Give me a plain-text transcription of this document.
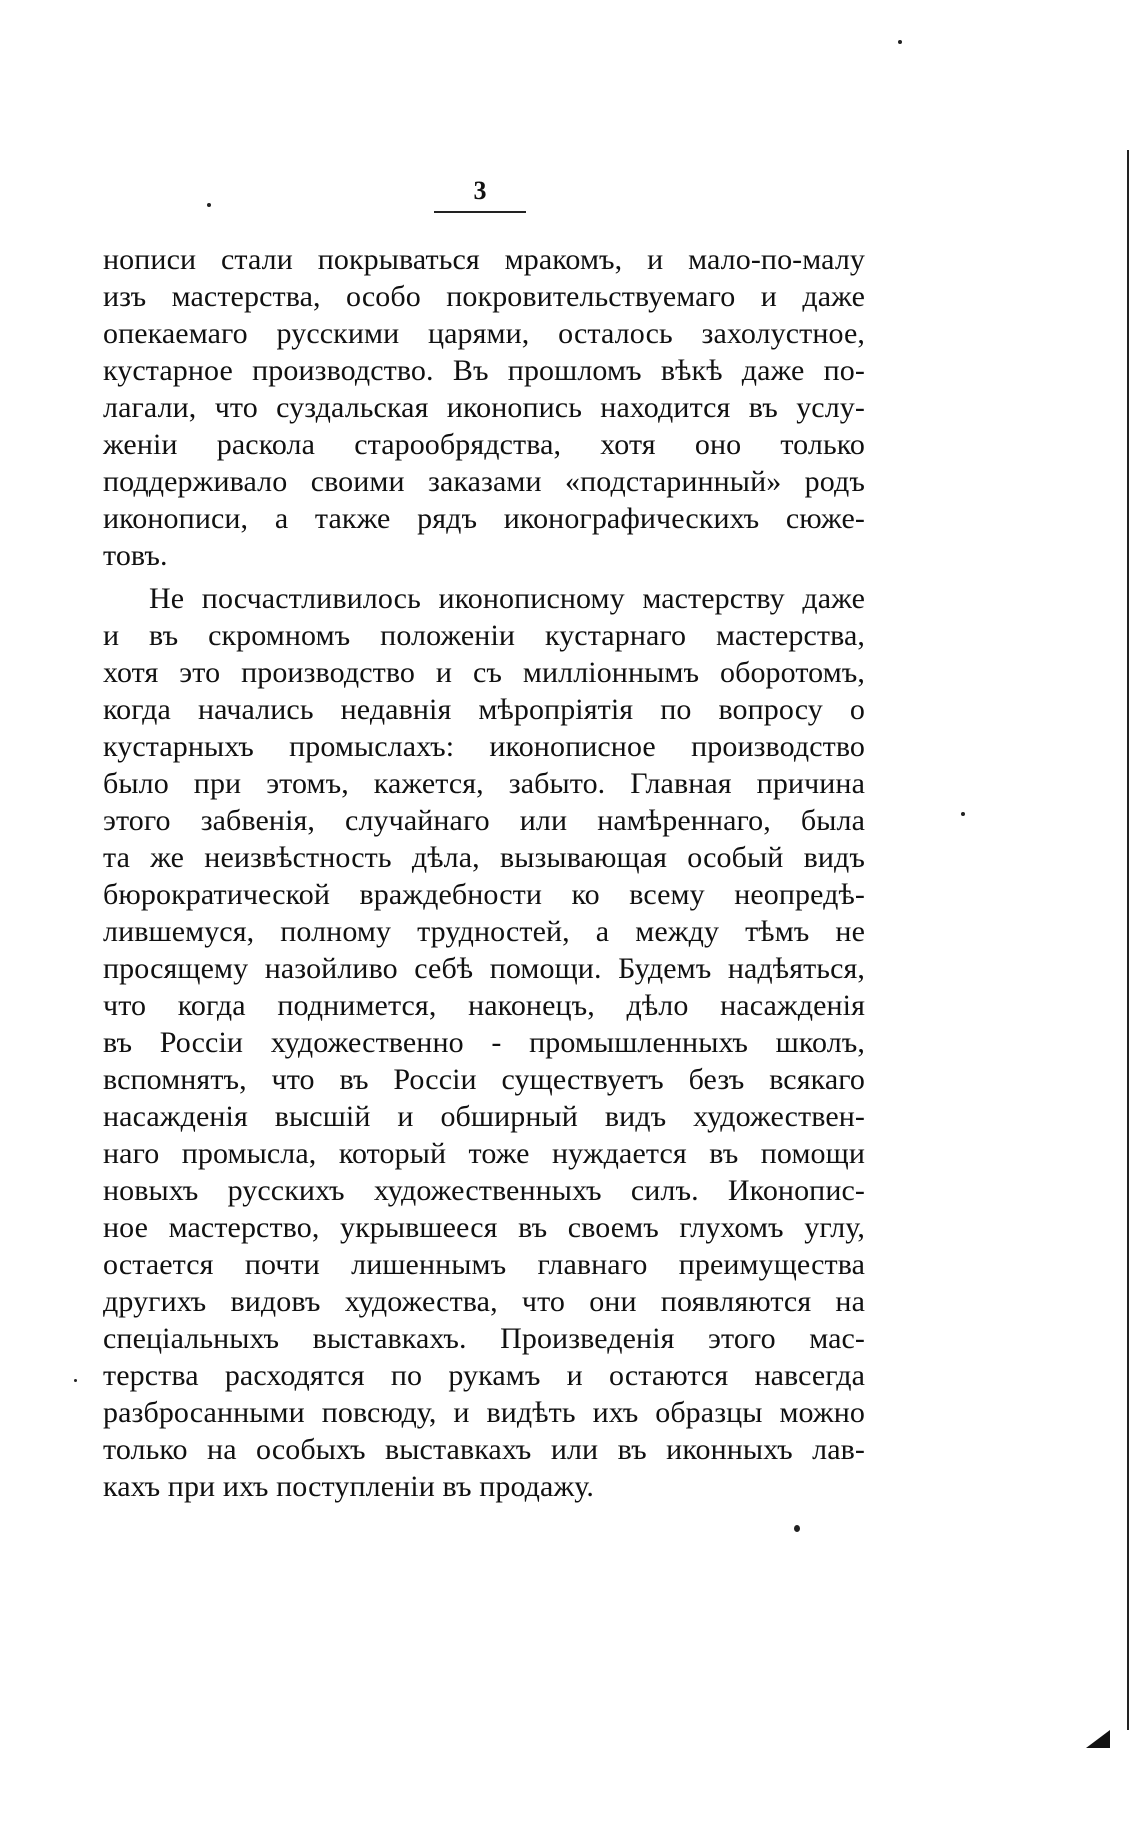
3
нописи стали покрываться мракомъ, и мало-по-малу
изъ мастерства, особо покровительствуемаго и даже
опекаемаго русскими царями, осталось захолустное,
кустарное производство. Въ прошломъ вѣкѣ даже по-
лагали, что суздальская иконопись находится въ услу-
женіи раскола старообрядства, хотя оно только
поддерживало своими заказами «подстаринный» родъ
иконописи, а также рядъ иконографическихъ сюже-
товъ.
Не посчастливилось иконописному мастерству даже
и въ скромномъ положеніи кустарнаго мастерства,
хотя это производство и съ милліоннымъ оборотомъ,
когда начались недавнія мѣропріятія по вопросу о
кустарныхъ промыслахъ: иконописное производство
было при этомъ, кажется, забыто. Главная причина
этого забвенія, случайнаго или намѣреннаго, была
та же неизвѣстность дѣла, вызывающая особый видъ
бюрократической враждебности ко всему неопредѣ-
лившемуся, полному трудностей, а между тѣмъ не
просящему назойливо себѣ помощи. Будемъ надѣяться,
что когда поднимется, наконецъ, дѣло насажденія
въ Россіи художественно - промышленныхъ школъ,
вспомнятъ, что въ Россіи существуетъ безъ всякаго
насажденія высшій и обширный видъ художествен-
наго промысла, который тоже нуждается въ помощи
новыхъ русскихъ художественныхъ силъ. Иконопис-
ное мастерство, укрывшееся въ своемъ глухомъ углу,
остается почти лишеннымъ главнаго преимущества
другихъ видовъ художества, что они появляются на
спеціальныхъ выставкахъ. Произведенія этого мас-
терства расходятся по рукамъ и остаются навсегда
разбросанными повсюду, и видѣть ихъ образцы можно
только на особыхъ выставкахъ или въ иконныхъ лав-
кахъ при ихъ поступленіи въ продажу.
